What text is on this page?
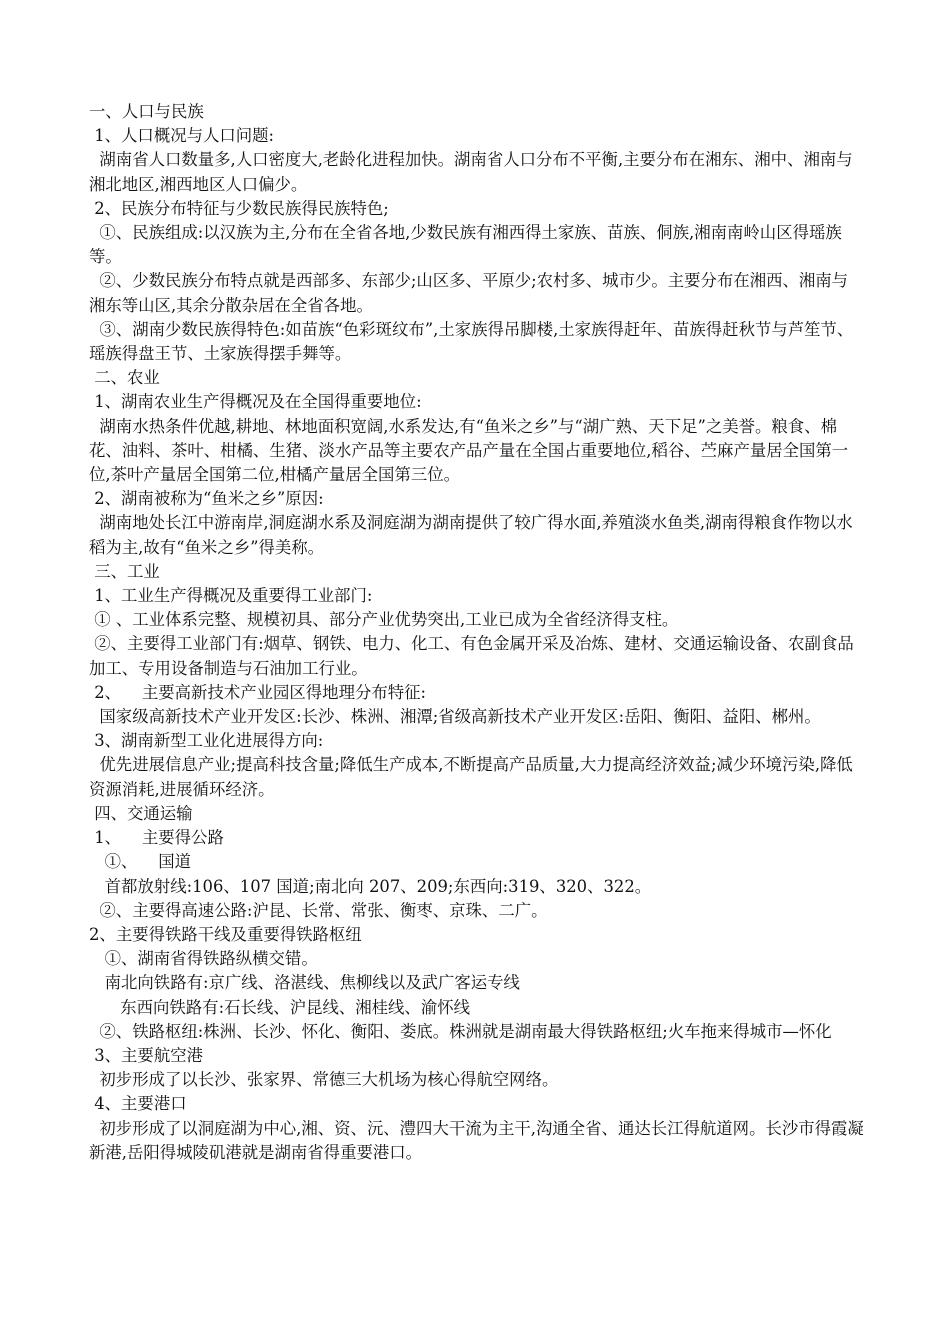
一、人口与民族

1、人口概况与人口问题:

湖南省人口数量多,人口密度大,老龄化进程加快。湖南省人口分布不平衡,主要分布在湘东、湘中、湘南与湘北地区,湘西地区人口偏少。

2、民族分布特征与少数民族得民族特色;

①、民族组成:以汉族为主,分布在全省各地,少数民族有湘西得土家族、苗族、侗族,湘南南岭山区得瑶族等。

②、少数民族分布特点就是西部多、东部少;山区多、平原少;农村多、城市少。主要分布在湘西、湘南与湘东等山区,其余分散杂居在全省各地。

③、湖南少数民族得特色:如苗族“色彩斑纹布”,土家族得吊脚楼,土家族得赶年、苗族得赶秋节与芦笙节、瑶族得盘王节、土家族得摆手舞等。

二、农业

1、湖南农业生产得概况及在全国得重要地位:

湖南水热条件优越,耕地、林地面积宽阔,水系发达,有“鱼米之乡”与“湖广熟、天下足”之美誉。粮食、棉花、油料、茶叶、柑橘、生猪、淡水产品等主要农产品产量在全国占重要地位,稻谷、苎麻产量居全国第一位,茶叶产量居全国第二位,柑橘产量居全国第三位。

2、湖南被称为“鱼米之乡”原因:

湖南地处长江中游南岸,洞庭湖水系及洞庭湖为湖南提供了较广得水面,养殖淡水鱼类,湖南得粮食作物以水稻为主,故有“鱼米之乡”得美称。

三、工业

1、工业生产得概况及重要得工业部门:

① 、工业体系完整、规模初具、部分产业优势突出,工业已成为全省经济得支柱。

②、主要得工业部门有:烟草、钢铁、电力、化工、有色金属开采及冶炼、建材、交通运输设备、农副食品加工、专用设备制造与石油加工行业。

2、    主要高新技术产业园区得地理分布特征:

国家级高新技术产业开发区:长沙、株洲、湘潭;省级高新技术产业开发区:岳阳、衡阳、益阳、郴州。

3、湖南新型工业化进展得方向:

优先进展信息产业;提高科技含量;降低生产成本,不断提高产品质量,大力提高经济效益;减少环境污染,降低资源消耗,进展循环经济。

四、交通运输

1、    主要得公路

①、    国道

首都放射线:106、107 国道;南北向 207、209;东西向:319、320、322。

②、主要得高速公路:沪昆、长常、常张、衡枣、京珠、二广。

2、主要得铁路干线及重要得铁路枢纽

①、湖南省得铁路纵横交错。

南北向铁路有:京广线、洛湛线、焦柳线以及武广客运专线

东西向铁路有:石长线、沪昆线、湘桂线、渝怀线

②、铁路枢纽:株洲、长沙、怀化、衡阳、娄底。株洲就是湖南最大得铁路枢纽;火车拖来得城市—怀化

3、主要航空港

初步形成了以长沙、张家界、常德三大机场为核心得航空网络。

4、主要港口

初步形成了以洞庭湖为中心,湘、资、沅、澧四大干流为主干,沟通全省、通达长江得航道网。长沙市得霞凝新港,岳阳得城陵矶港就是湖南省得重要港口。
